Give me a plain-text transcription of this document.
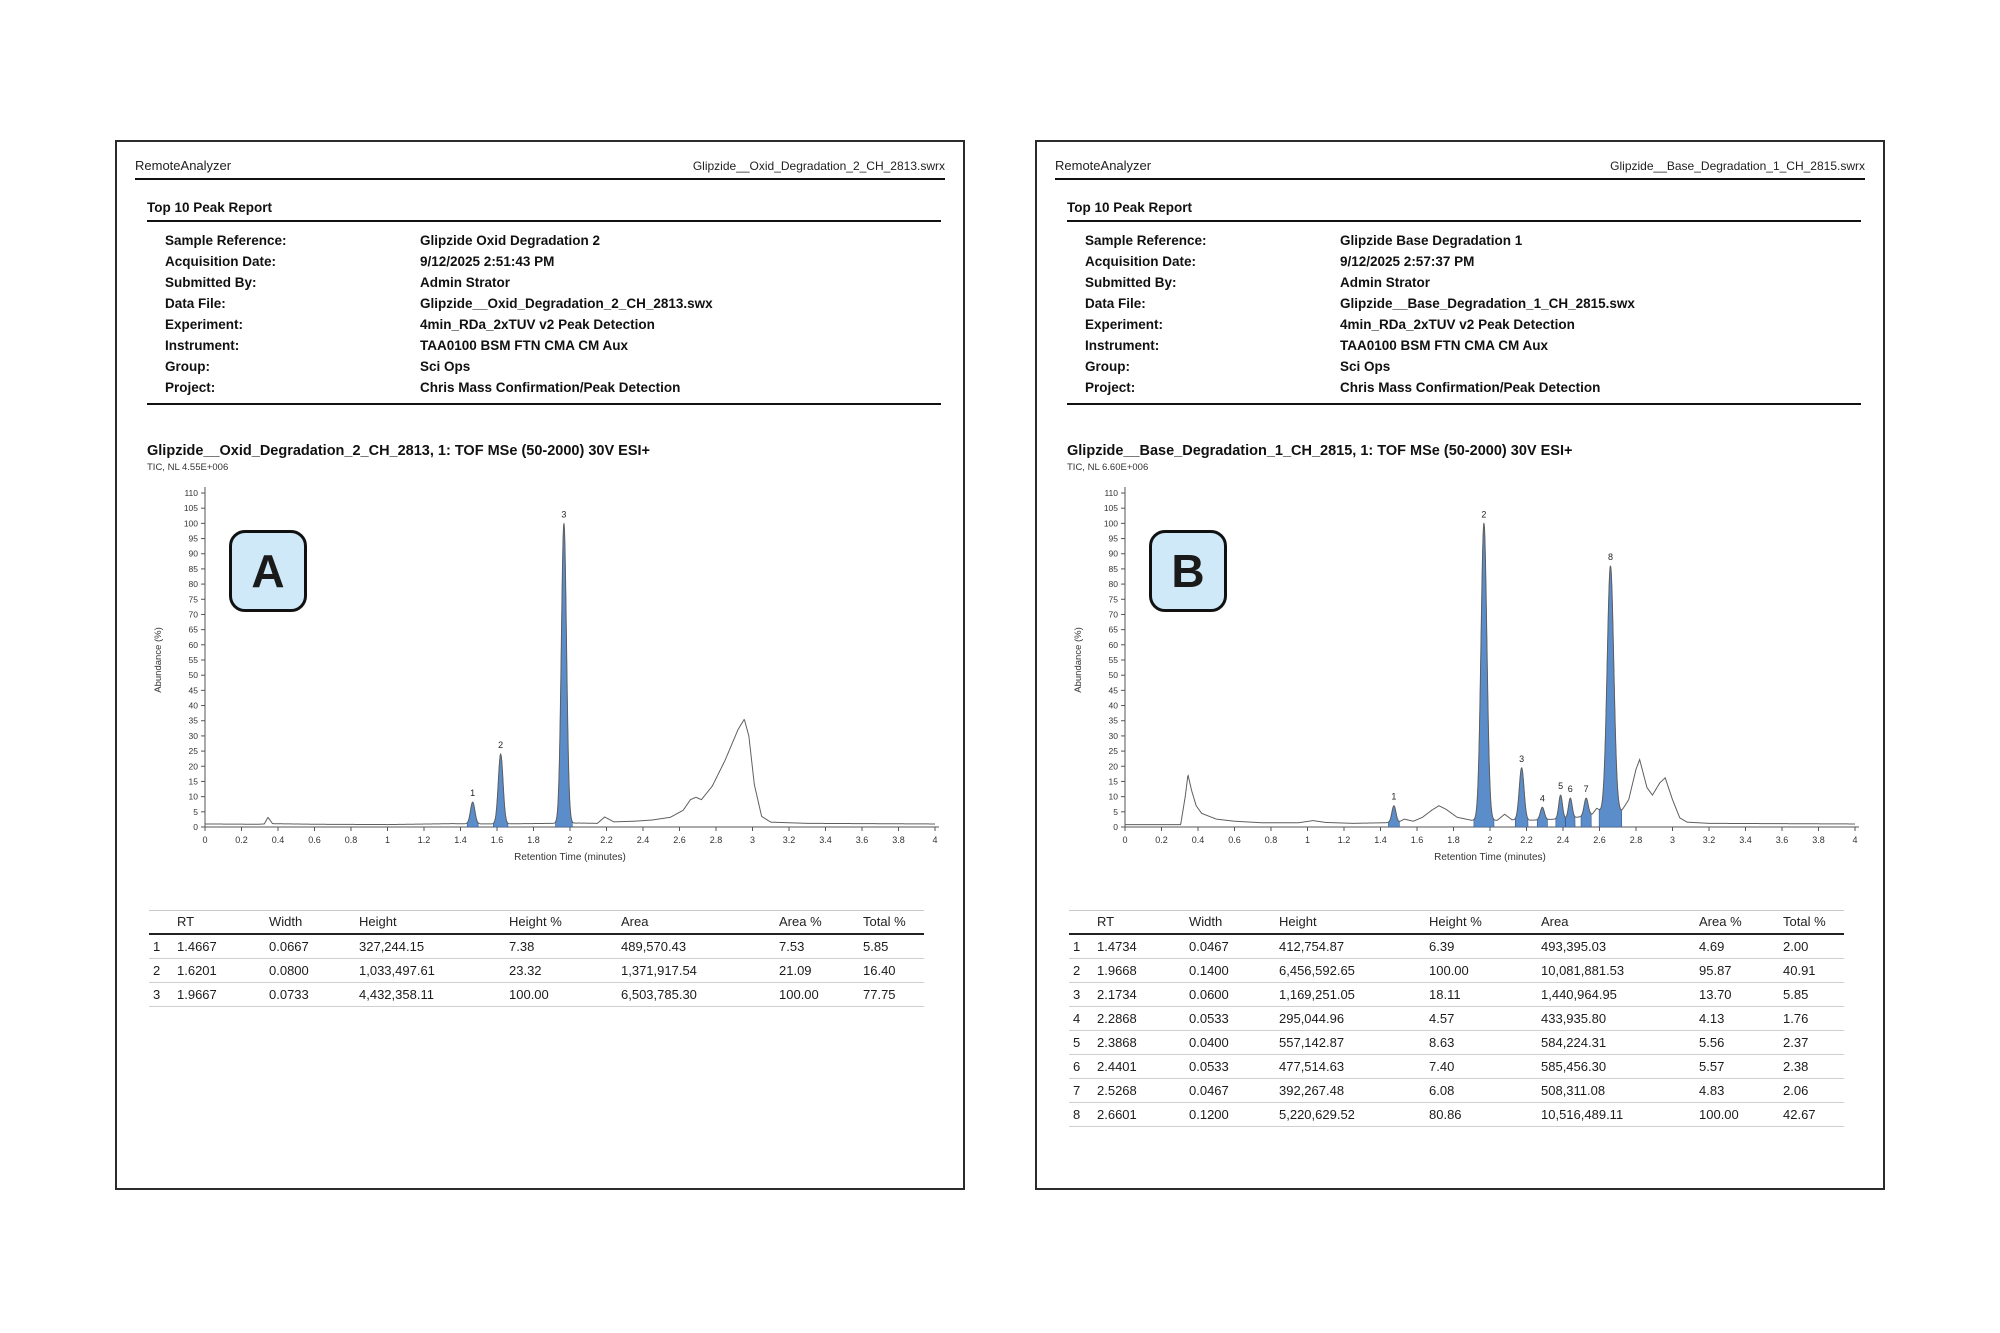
RemoteAnalyzer	Glipzide__Oxid_Degradation_2_CH_2813.swrx
Top 10 Peak Report
Sample Reference:	Glipzide Oxid Degradation 2
Acquisition Date:	9/12/2025 2:51:43 PM
Submitted By:	Admin Strator
Data File:	Glipzide__Oxid_Degradation_2_CH_2813.swx
Experiment:	4min_RDa_2xTUV v2 Peak Detection
Instrument:	TAA0100 BSM FTN CMA CM Aux
Group:	Sci Ops
Project:	Chris Mass Confirmation/Peak Detection
Glipzide__Oxid_Degradation_2_CH_2813, 1: TOF MSe (50-2000) 30V ESI+
TIC, NL 4.55E+006
0
5
10
15
20
25
30
35
40
45
50
55
60
65
70
75
80
85
90
95
100
105
110
0	0.2	0.4	0.6	0.8	1	1.2	1.4	1.6	1.8	2	2.2	2.4	2.6	2.8	3	3.2	3.4	3.6	3.8	4
Abundance (%)
Retention Time (minutes)
1
2
3
A
	RT	Width	Height	Height %	Area	Area %	Total %
1	1.4667	0.0667	327,244.15	7.38	489,570.43	7.53	5.85
2	1.6201	0.0800	1,033,497.61	23.32	1,371,917.54	21.09	16.40
3	1.9667	0.0733	4,432,358.11	100.00	6,503,785.30	100.00	77.75
RemoteAnalyzer	Glipzide__Base_Degradation_1_CH_2815.swrx
Top 10 Peak Report
Sample Reference:	Glipzide Base Degradation 1
Acquisition Date:	9/12/2025 2:57:37 PM
Submitted By:	Admin Strator
Data File:	Glipzide__Base_Degradation_1_CH_2815.swx
Experiment:	4min_RDa_2xTUV v2 Peak Detection
Instrument:	TAA0100 BSM FTN CMA CM Aux
Group:	Sci Ops
Project:	Chris Mass Confirmation/Peak Detection
Glipzide__Base_Degradation_1_CH_2815, 1: TOF MSe (50-2000) 30V ESI+
TIC, NL 6.60E+006
0
5
10
15
20
25
30
35
40
45
50
55
60
65
70
75
80
85
90
95
100
105
110
0	0.2	0.4	0.6	0.8	1	1.2	1.4	1.6	1.8	2	2.2	2.4	2.6	2.8	3	3.2	3.4	3.6	3.8	4
Abundance (%)
Retention Time (minutes)
1
2
3
4
5 6 7
8
B
	RT	Width	Height	Height %	Area	Area %	Total %
1	1.4734	0.0467	412,754.87	6.39	493,395.03	4.69	2.00
2	1.9668	0.1400	6,456,592.65	100.00	10,081,881.53	95.87	40.91
3	2.1734	0.0600	1,169,251.05	18.11	1,440,964.95	13.70	5.85
4	2.2868	0.0533	295,044.96	4.57	433,935.80	4.13	1.76
5	2.3868	0.0400	557,142.87	8.63	584,224.31	5.56	2.37
6	2.4401	0.0533	477,514.63	7.40	585,456.30	5.57	2.38
7	2.5268	0.0467	392,267.48	6.08	508,311.08	4.83	2.06
8	2.6601	0.1200	5,220,629.52	80.86	10,516,489.11	100.00	42.67
